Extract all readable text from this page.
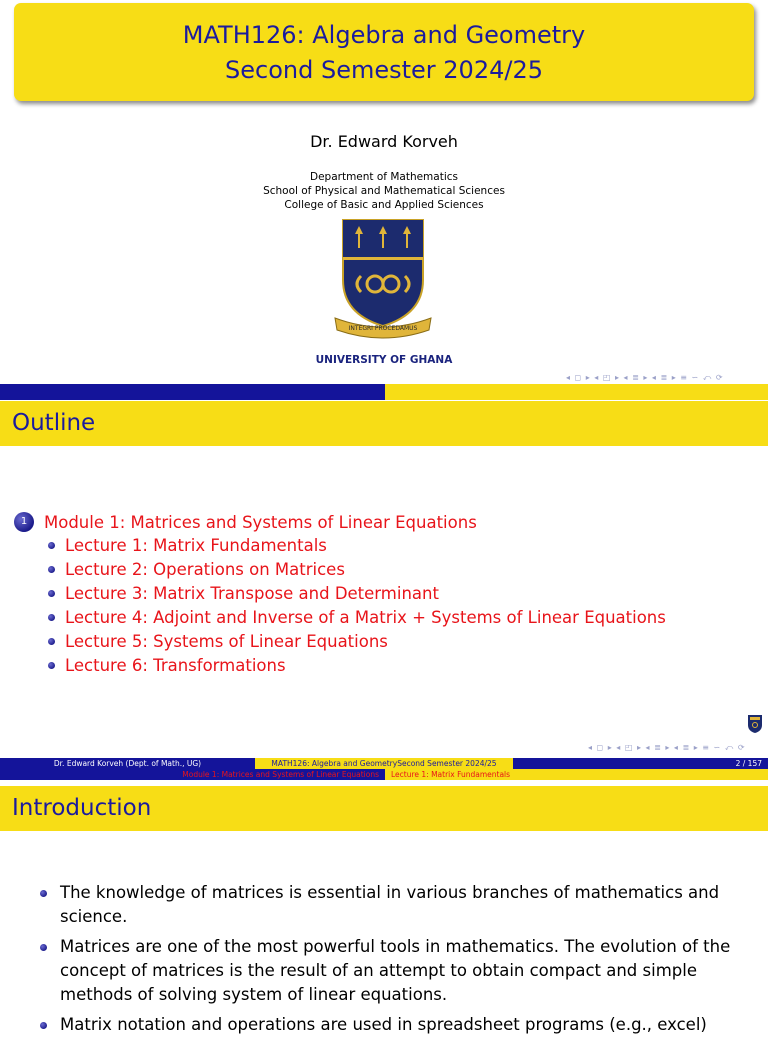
MATH126: Algebra and Geometry
Second Semester 2024/25
Dr. Edward Korveh
Department of Mathematics
School of Physical and Mathematical Sciences
College of Basic and Applied Sciences
INTEGRI PROCEDAMUS
UNIVERSITY OF GHANA
◂ ◻ ▸ ◂ ◰ ▸ ◂ ≣ ▸ ◂ ≣ ▸ ≡ ∽ ⤺ ⟳
Outline
1	Module 1: Matrices and Systems of Linear Equations
Lecture 1: Matrix Fundamentals
Lecture 2: Operations on Matrices
Lecture 3: Matrix Transpose and Determinant
Lecture 4: Adjoint and Inverse of a Matrix + Systems of Linear Equations
Lecture 5: Systems of Linear Equations
Lecture 6: Transformations
◂ ◻ ▸ ◂ ◰ ▸ ◂ ≣ ▸ ◂ ≣ ▸ ≡ ∽ ⤺ ⟳
Dr. Edward Korveh (Dept. of Math., UG)	MATH126: Algebra and GeometrySecond Semester 2024/25	2 / 157
Module 1: Matrices and Systems of Linear Equations	Lecture 1: Matrix Fundamentals
Introduction
The knowledge of matrices is essential in various branches of mathematics and science.
Matrices are one of the most powerful tools in mathematics. The evolution of the concept of matrices is the result of an attempt to obtain compact and simple methods of solving system of linear equations.
Matrix notation and operations are used in spreadsheet programs (e.g., excel)
